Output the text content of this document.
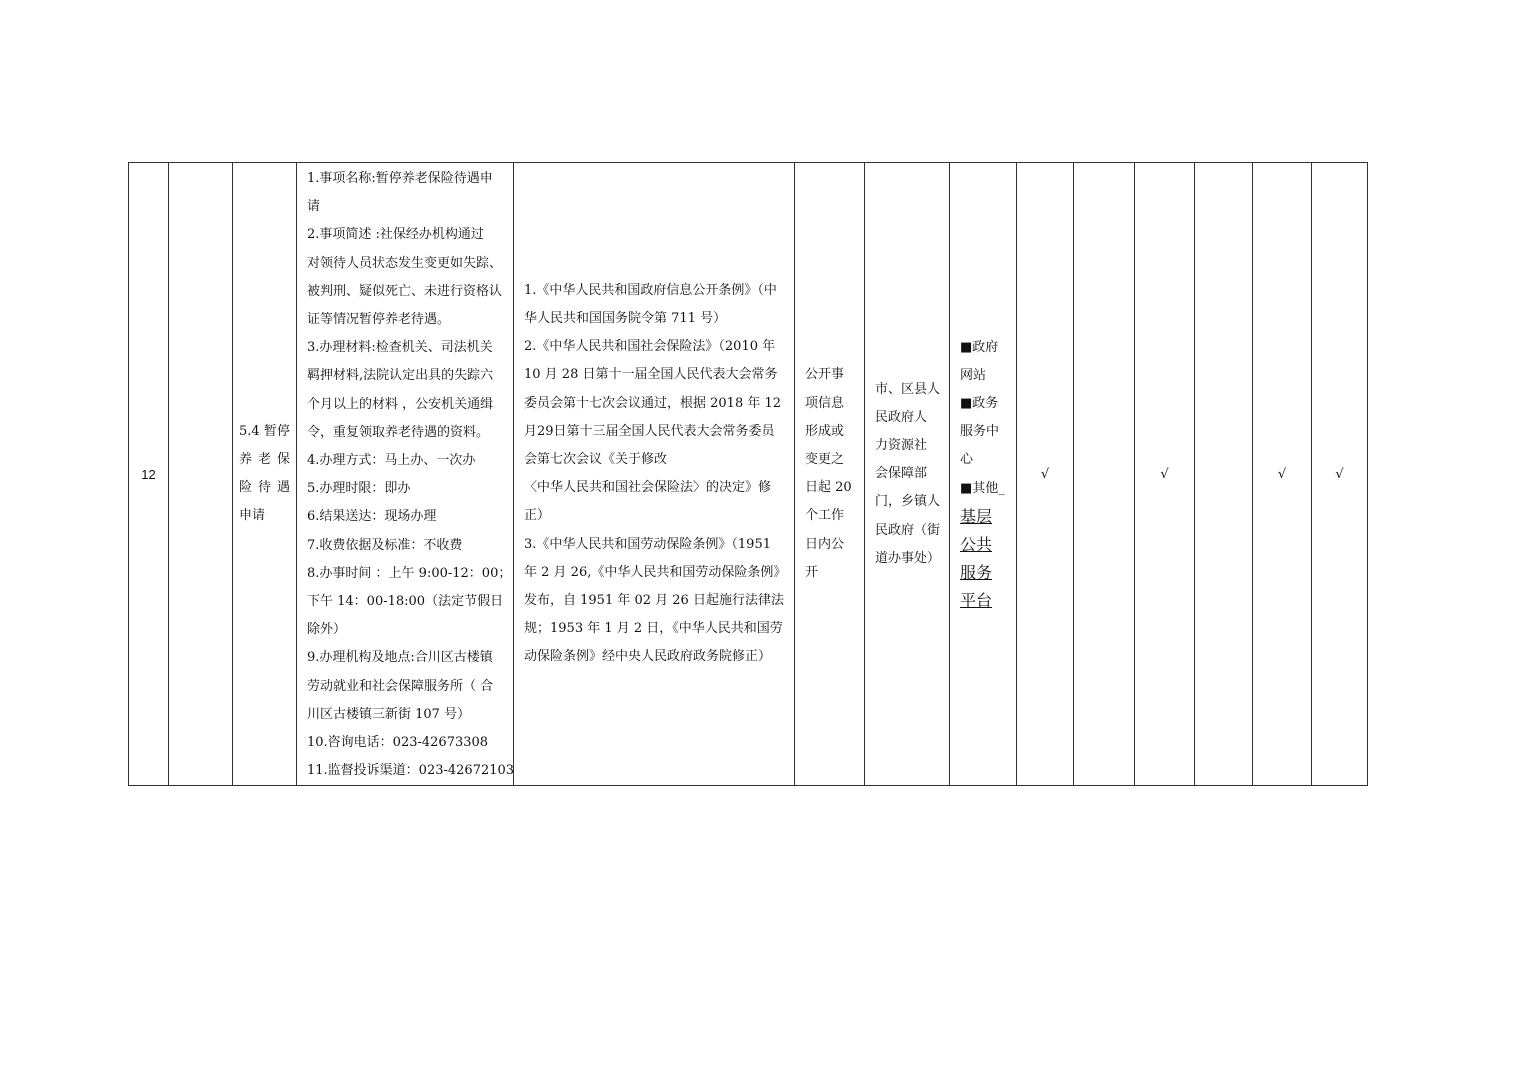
12		5.4 暂停养老保险待遇申请	
1.事项名称:暂停养老保险待遇申
请
2.事项简述 :社保经办机构通过
对领待人员状态发生变更如失踪、
被判刑、疑似死亡、未进行资格认
证等情况暂停养老待遇。
3.办理材料:检查机关、司法机关
羁押材料,法院认定出具的失踪六
个月以上的材料 ，公安机关通缉
令，重复领取养老待遇的资料。
4.办理方式：马上办、一次办
5.办理时限：即办
6.结果送达：现场办理
7.收费依据及标准：不收费
8.办事时间 ：上午 9:00-12：00；
下午 14：00-18:00（法定节假日
除外）
9.办理机构及地点:合川区古楼镇
劳动就业和社会保障服务所（ 合
川区古楼镇三新街 107 号）
10.咨询电话：023-42673308
11.监督投诉渠道：023-42672103

1.《中华人民共和国政府信息公开条例》（中
华人民共和国国务院令第 711 号）
2.《中华人民共和国社会保险法》（2010 年
10 月 28 日第十一届全国人民代表大会常务
委员会第十七次会议通过，根据 2018 年 12
月29日第十三届全国人民代表大会常务委员
会第七次会议《关于修改
〈中华人民共和国社会保险法〉的决定》修
正）
3.《中华人民共和国劳动保险条例》（1951
年 2 月 26,《中华人民共和国劳动保险条例》
发布，自 1951 年 02 月 26 日起施行法律法
规；1953 年 1 月 2 日，《中华人民共和国劳
动保险条例》经中央人民政府政务院修正）

公开事
项信息
形成或
变更之
日起 20
个工作
日内公
开

市、区县人
民政府人
力资源社
会保障部
门，乡镇人
民政府（街
道办事处）

■政府
网站
■政务
服务中
心
■其他_
基层
公共
服务
平台
	√		√		√	√
